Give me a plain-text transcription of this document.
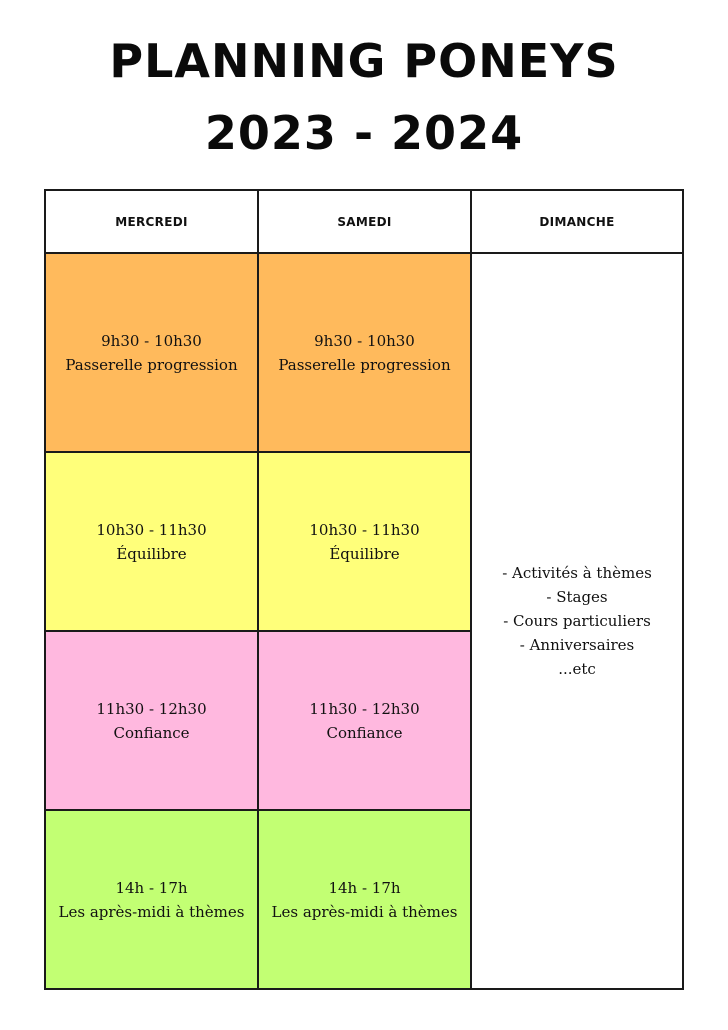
PLANNING PONEYS
2023 - 2024
MERCREDI	SAMEDI	DIMANCHE
9h30 - 10h30
Passerelle progression
10h30 - 11h30
Équilibre
11h30 - 12h30
Confiance
14h - 17h
Les après-midi à thèmes
9h30 - 10h30
Passerelle progression
10h30 - 11h30
Équilibre
11h30 - 12h30
Confiance
14h - 17h
Les après-midi à thèmes
- Activités à thèmes
- Stages
- Cours particuliers
- Anniversaires
...etc
